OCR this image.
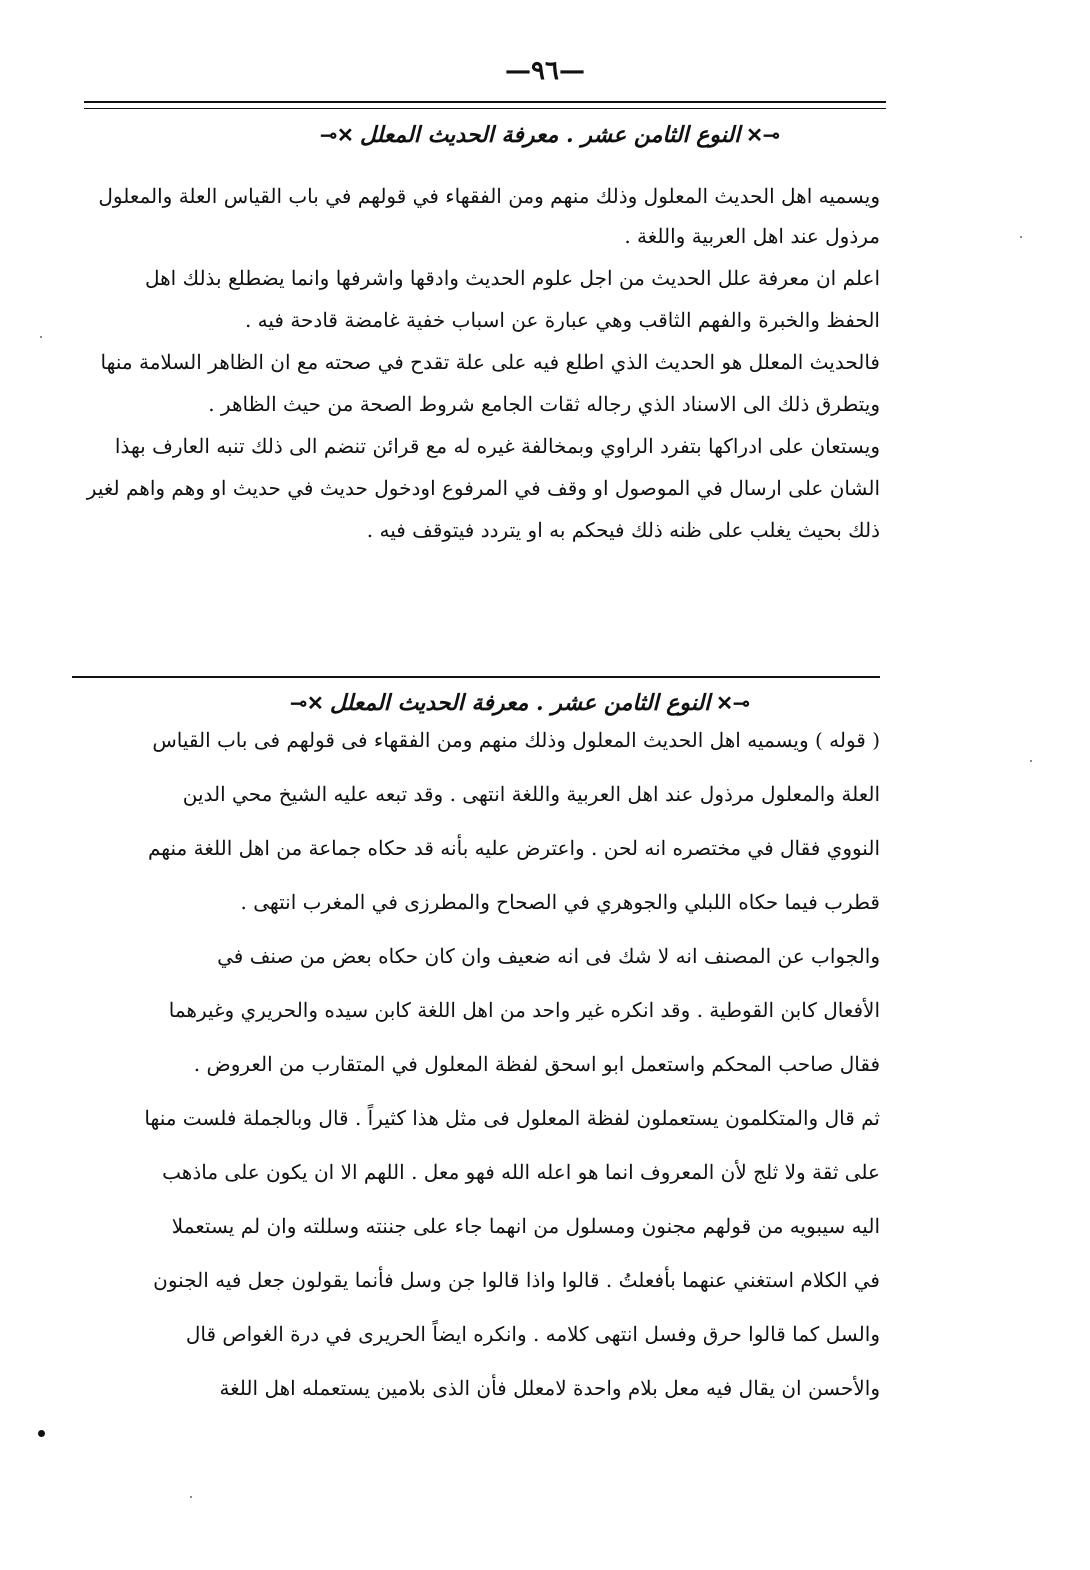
—٩٦—
⊸✕النوع الثامن عشر . معرفة الحديث المعلل✕⊸
ويسميه اهل الحديث المعلول وذلك منهم ومن الفقهاء في قولهم في باب القياس العلة والمعلول
مرذول عند اهل العربية واللغة .
اعلم ان معرفة علل الحديث من اجل علوم الحديث وادقها واشرفها وانما يضطلع بذلك اهل
الحفظ والخبرة والفهم الثاقب وهي عبارة عن اسباب خفية غامضة قادحة فيه .
فالحديث المعلل هو الحديث الذي اطلع فيه على علة تقدح في صحته مع ان الظاهر السلامة منها
ويتطرق ذلك الى الاسناد الذي رجاله ثقات الجامع شروط الصحة من حيث الظاهر .
ويستعان على ادراكها بتفرد الراوي وبمخالفة غيره له مع قرائن تنضم الى ذلك تنبه العارف بهذا
الشان على ارسال في الموصول او وقف في المرفوع اودخول حديث في حديث او وهم واهم لغير
ذلك بحيث يغلب على ظنه ذلك فيحكم به او يتردد فيتوقف فيه .
⊸✕النوع الثامن عشر . معرفة الحديث المعلل✕⊸
( قوله ) ويسميه اهل الحديث المعلول وذلك منهم ومن الفقهاء فى قولهم فى باب القياس
العلة والمعلول مرذول عند اهل العربية واللغة انتهى . وقد تبعه عليه الشيخ محي الدين
النووي فقال في مختصره انه لحن . واعترض عليه بأنه قد حكاه جماعة من اهل اللغة منهم
قطرب فيما حكاه اللبلي والجوهري في الصحاح والمطرزى في المغرب انتهى .
والجواب عن المصنف انه لا شك فى انه ضعيف وان كان حكاه بعض من صنف في
الأفعال كابن القوطية . وقد انكره غير واحد من اهل اللغة كابن سيده والحريري وغيرهما
فقال صاحب المحكم واستعمل ابو اسحق لفظة المعلول في المتقارب من العروض .
ثم قال والمتكلمون يستعملون لفظة المعلول فى مثل هذا كثيراً . قال وبالجملة فلست منها
على ثقة ولا ثلج لأن المعروف انما هو اعله الله فهو معل . اللهم الا ان يكون على ماذهب
اليه سيبويه من قولهم مجنون ومسلول من انهما جاء على جننته وسللته وان لم يستعملا
في الكلام استغني عنهما بأفعلتُ . قالوا واذا قالوا جن وسل فأنما يقولون جعل فيه الجنون
والسل كما قالوا حرق وفسل انتهى كلامه . وانكره ايضاً الحريرى في درة الغواص قال
والأحسن ان يقال فيه معل بلام واحدة لامعلل فأن الذى بلامين يستعمله اهل اللغة
